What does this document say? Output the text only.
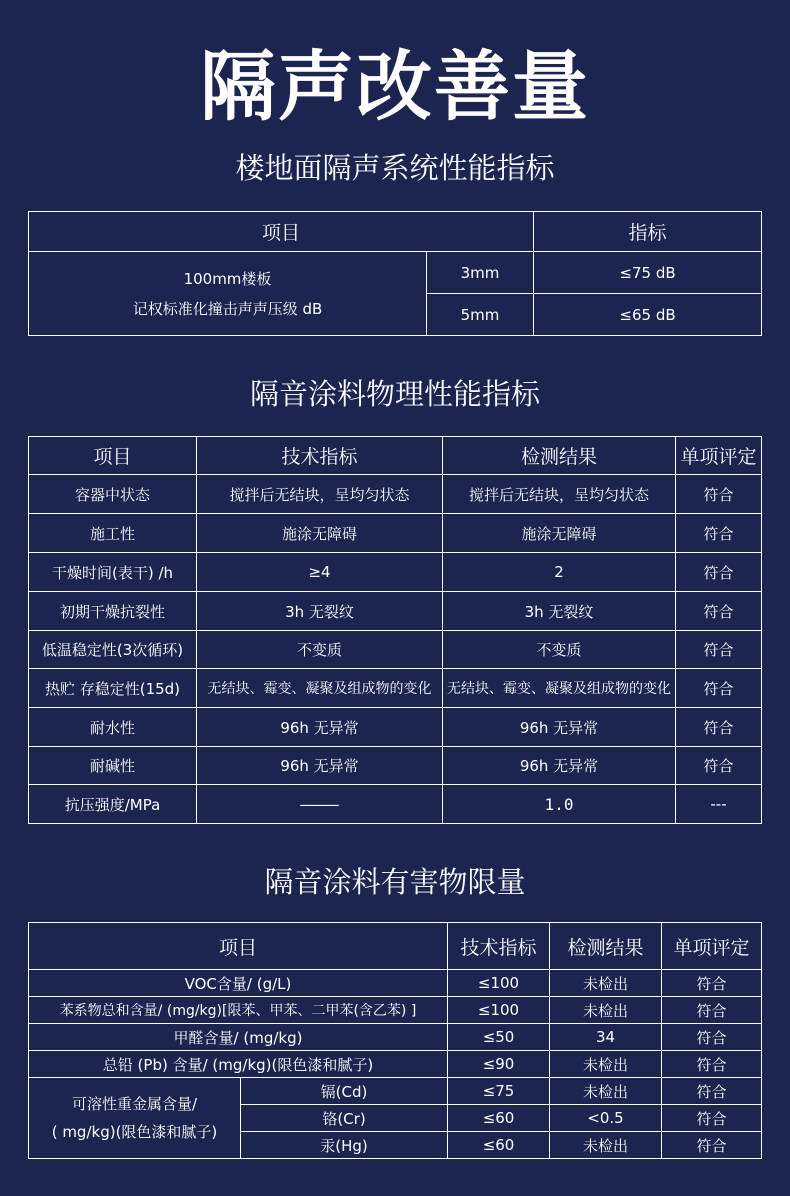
隔声改善量
楼地面隔声系统性能指标
项目		指标

100mm楼板
记权标准化撞击声声压级 dB	3mm	≤75 dB
	5mm	≤65 dB
隔音涂料物理性能指标
项目	技术指标	检测结果	单项评定
容器中状态	搅拌后无结块，呈均匀状态	搅拌后无结块，呈均匀状态	符合
施工性	施涂无障碍	施涂无障碍	符合
干燥时间(表干) /h	≥4	2	符合
初期干燥抗裂性	3h 无裂纹	3h 无裂纹	符合
低温稳定性(3次循环)	不变质	不变质	符合
热贮 存稳定性(15d)	无结块、霉变、凝聚及组成物的变化	无结块、霉变、凝聚及组成物的变化	符合
耐水性	96h 无异常	96h 无异常	符合
耐碱性	96h 无异常	96h 无异常	符合
抗压强度/MPa	————	1.0	---
隔音涂料有害物限量
项目		技术指标	检测结果	单项评定
VOC含量/ (g/L)		≤100	未检出	符合
苯系物总和含量/ (mg/kg)[限苯、甲苯、二甲苯(含乙苯) ]		≤100	未检出	符合
甲醛含量/ (mg/kg)		≤50	34	符合
总铅 (Pb) 含量/ (mg/kg)(限色漆和腻子)		≤90	未检出	符合

可溶性重金属含量/
( mg/kg)(限色漆和腻子)	镉(Cd)	≤75	未检出	符合
	铬(Cr)	≤60	<0.5	符合
	汞(Hg)	≤60	未检出	符合
